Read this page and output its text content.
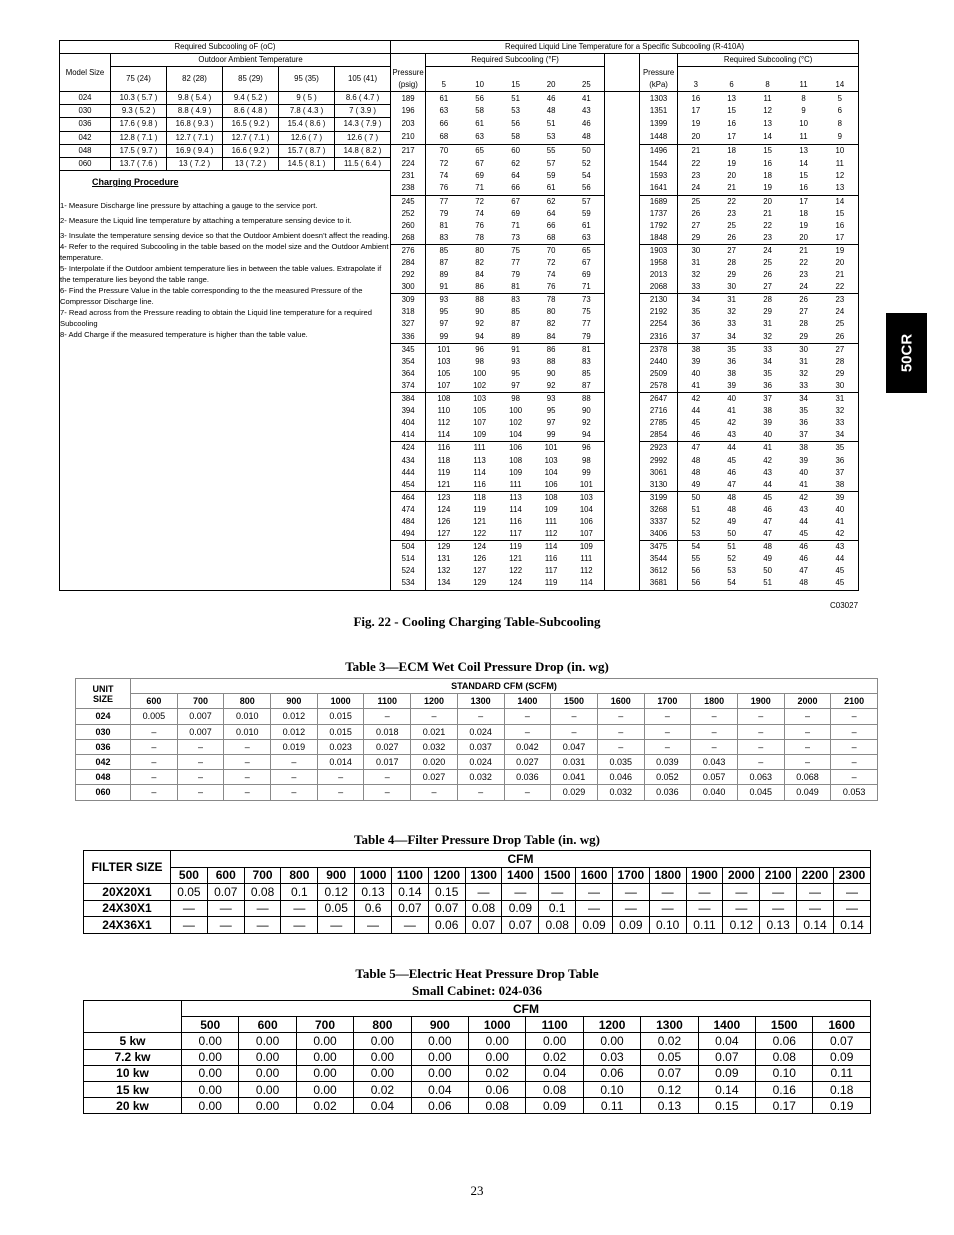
50CR
Required Subcooling oF (oC)						Required Liquid Line Temperature for a Specific Subcooling (R-410A)												
Model Size	Outdoor Ambient Temperature						Required Subcooling (°F)							Required Subcooling (°C)				
	75 (24)	82 (28)	85 (29)	95 (35)	105 (41)	Pressure							Pressure					
						(psig)	5	10	15	20	25		(kPa)	3	6	8	11	14
024	10.3 ( 5.7 )	9.8 ( 5.4 )	9.4 ( 5.2 )	9 ( 5 )	8.6 ( 4.7 )	189	61	56	51	46	41		1303	16	13	11	8	5
030	9.3 ( 5.2 )	8.8 ( 4.9 )	8.6 ( 4.8 )	7.8 ( 4.3 )	7 ( 3.9 )	196	63	58	53	48	43		1351	17	15	12	9	6
036	17.6 ( 9.8 )	16.8 ( 9.3 )	16.5 ( 9.2 )	15.4 ( 8.6 )	14.3 ( 7.9 )	203	66	61	56	51	46		1399	19	16	13	10	8
042	12.8 ( 7.1 )	12.7 ( 7.1 )	12.7 ( 7.1 )	12.6 ( 7 )	12.6 ( 7 )	210	68	63	58	53	48		1448	20	17	14	11	9
048	17.5 ( 9.7 )	16.9 ( 9.4 )	16.6 ( 9.2 )	15.7 ( 8.7 )	14.8 ( 8.2 )	217	70	65	60	55	50		1496	21	18	15	13	10
060	13.7 ( 7.6 )	13 ( 7.2 )	13 ( 7.2 )	14.5 ( 8.1 )	11.5 ( 6.4 )	224	72	67	62	57	52		1544	22	19	16	14	11
						231	74	69	64	59	54		1593	23	20	18	15	12
						238	76	71	66	61	56		1641	24	21	19	16	13
						245	77	72	67	62	57		1689	25	22	20	17	14
						252	79	74	69	64	59		1737	26	23	21	18	15
						260	81	76	71	66	61		1792	27	25	22	19	16
						268	83	78	73	68	63		1848	29	26	23	20	17
						276	85	80	75	70	65		1903	30	27	24	21	19
						284	87	82	77	72	67		1958	31	28	25	22	20
						292	89	84	79	74	69		2013	32	29	26	23	21
						300	91	86	81	76	71		2068	33	30	27	24	22
						309	93	88	83	78	73		2130	34	31	28	26	23
						318	95	90	85	80	75		2192	35	32	29	27	24
						327	97	92	87	82	77		2254	36	33	31	28	25
						336	99	94	89	84	79		2316	37	34	32	29	26
						345	101	96	91	86	81		2378	38	35	33	30	27
						354	103	98	93	88	83		2440	39	36	34	31	28
						364	105	100	95	90	85		2509	40	38	35	32	29
						374	107	102	97	92	87		2578	41	39	36	33	30
						384	108	103	98	93	88		2647	42	40	37	34	31
						394	110	105	100	95	90		2716	44	41	38	35	32
						404	112	107	102	97	92		2785	45	42	39	36	33
						414	114	109	104	99	94		2854	46	43	40	37	34
						424	116	111	106	101	96		2923	47	44	41	38	35
						434	118	113	108	103	98		2992	48	45	42	39	36
						444	119	114	109	104	99		3061	48	46	43	40	37
						454	121	116	111	106	101		3130	49	47	44	41	38
						464	123	118	113	108	103		3199	50	48	45	42	39
						474	124	119	114	109	104		3268	51	48	46	43	40
						484	126	121	116	111	106		3337	52	49	47	44	41
						494	127	122	117	112	107		3406	53	50	47	45	42
						504	129	124	119	114	109		3475	54	51	48	46	43
						514	131	126	121	116	111		3544	55	52	49	46	44
						524	132	127	122	117	112		3612	56	53	50	47	45
						534	134	129	124	119	114		3681	56	54	51	48	45
Charging Procedure

1- Measure Discharge line pressure by attaching a gauge to the service port.

2- Measure the Liquid line temperature by attaching a temperature sensing device to it.

3- Insulate the temperature sensing device so that the Outdoor Ambient doesn’t affect the reading.

4- Refer to the required Subcooling in the table based on the model size and the Outdoor Ambient temperature.

5- Interpolate if the Outdoor ambient temperature lies in between the table values. Extrapolate if the temperature lies beyond the table range.

6- Find the Pressure Value in the table corresponding to the the measured Pressure of the Compressor Discharge line.

7- Read across from the Pressure reading to obtain the Liquid line temperature for a required Subcooling

8- Add Charge if the measured temperature is higher than the table value.

C03027
Fig. 22 - Cooling Charging Table-Subcooling
Table 3—ECM Wet Coil Pressure Drop (in. wg)
UNIT
SIZE	STANDARD CFM (SCFM)															
	600	700	800	900	1000	1100	1200	1300	1400	1500	1600	1700	1800	1900	2000	2100
024	0.005	0.007	0.010	0.012	0.015	–	–	–	–	–	–	–	–	–	–	–
030	–	0.007	0.010	0.012	0.015	0.018	0.021	0.024	–	–	–	–	–	–	–	–
036	–	–	–	0.019	0.023	0.027	0.032	0.037	0.042	0.047	–	–	–	–	–	–
042	–	–	–	–	0.014	0.017	0.020	0.024	0.027	0.031	0.035	0.039	0.043	–	–	–
048	–	–	–	–	–	–	0.027	0.032	0.036	0.041	0.046	0.052	0.057	0.063	0.068	–
060	–	–	–	–	–	–	–	–	–	0.029	0.032	0.036	0.040	0.045	0.049	0.053
Table 4—Filter Pressure Drop Table (in. wg)
FILTER SIZE	CFM																		
	500	600	700	800	900	1000	1100	1200	1300	1400	1500	1600	1700	1800	1900	2000	2100	2200	2300
20X20X1	0.05	0.07	0.08	0.1	0.12	0.13	0.14	0.15	—	—	—	—	—	—	—	—	—	—	—
24X30X1	—	—	—	—	0.05	0.6	0.07	0.07	0.08	0.09	0.1	—	—	—	—	—	—	—	—
24X36X1	—	—	—	—	—	—	—	0.06	0.07	0.07	0.08	0.09	0.09	0.10	0.11	0.12	0.13	0.14	0.14
Table 5—Electric Heat Pressure Drop Table
Small Cabinet: 024-036
	CFM											
	500	600	700	800	900	1000	1100	1200	1300	1400	1500	1600
5 kw	0.00	0.00	0.00	0.00	0.00	0.00	0.00	0.00	0.02	0.04	0.06	0.07
7.2 kw	0.00	0.00	0.00	0.00	0.00	0.00	0.02	0.03	0.05	0.07	0.08	0.09
10 kw	0.00	0.00	0.00	0.00	0.00	0.02	0.04	0.06	0.07	0.09	0.10	0.11
15 kw	0.00	0.00	0.00	0.02	0.04	0.06	0.08	0.10	0.12	0.14	0.16	0.18
20 kw	0.00	0.00	0.02	0.04	0.06	0.08	0.09	0.11	0.13	0.15	0.17	0.19
23
